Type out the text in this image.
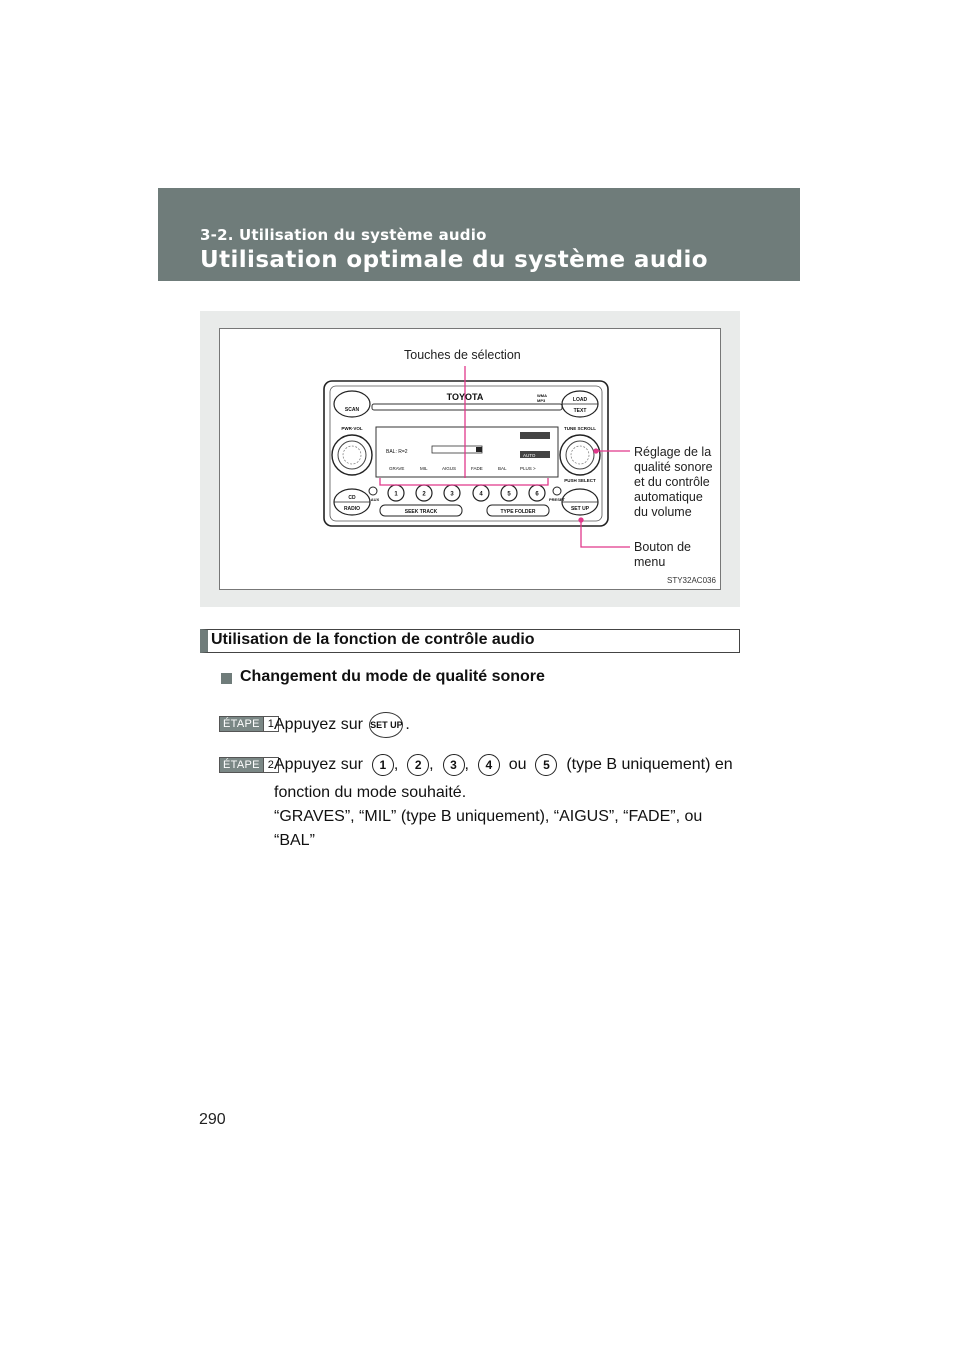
3-2. Utilisation du système audio
Utilisation optimale du système audio
TOYOTA
SCAN
LOAD
TEXT
PWR·VOL	TUNE SCROLL
PUSH SELECT
CD
RADIO
AUX	PRESET
SET UP
SEEK TRACK	TYPE FOLDER
WMA
MP3
1	2	3	4	5	6
BAL: R=2
GRAVE	MIL	AIGUS	FADE	BAL	PLUS >
AUTO
Touches de sélection
Réglage de la
qualité sonore
et du contrôle
automatique
du volume
Bouton de
menu
STY32AC036
Utilisation de la fonction de contrôle audio
Changement du mode de qualité sonore
ÉTAPE 1 Appuyez sur
SET UP .
ÉTAPE 2 Appuyez sur
	1 , 2 , 3 , 4
	ou
	5
	(type B uniquement) en
fonction du mode souhaité.
“GRAVES”, “MIL” (type B uniquement), “AIGUS”, “FADE”, ou
“BAL”
290
